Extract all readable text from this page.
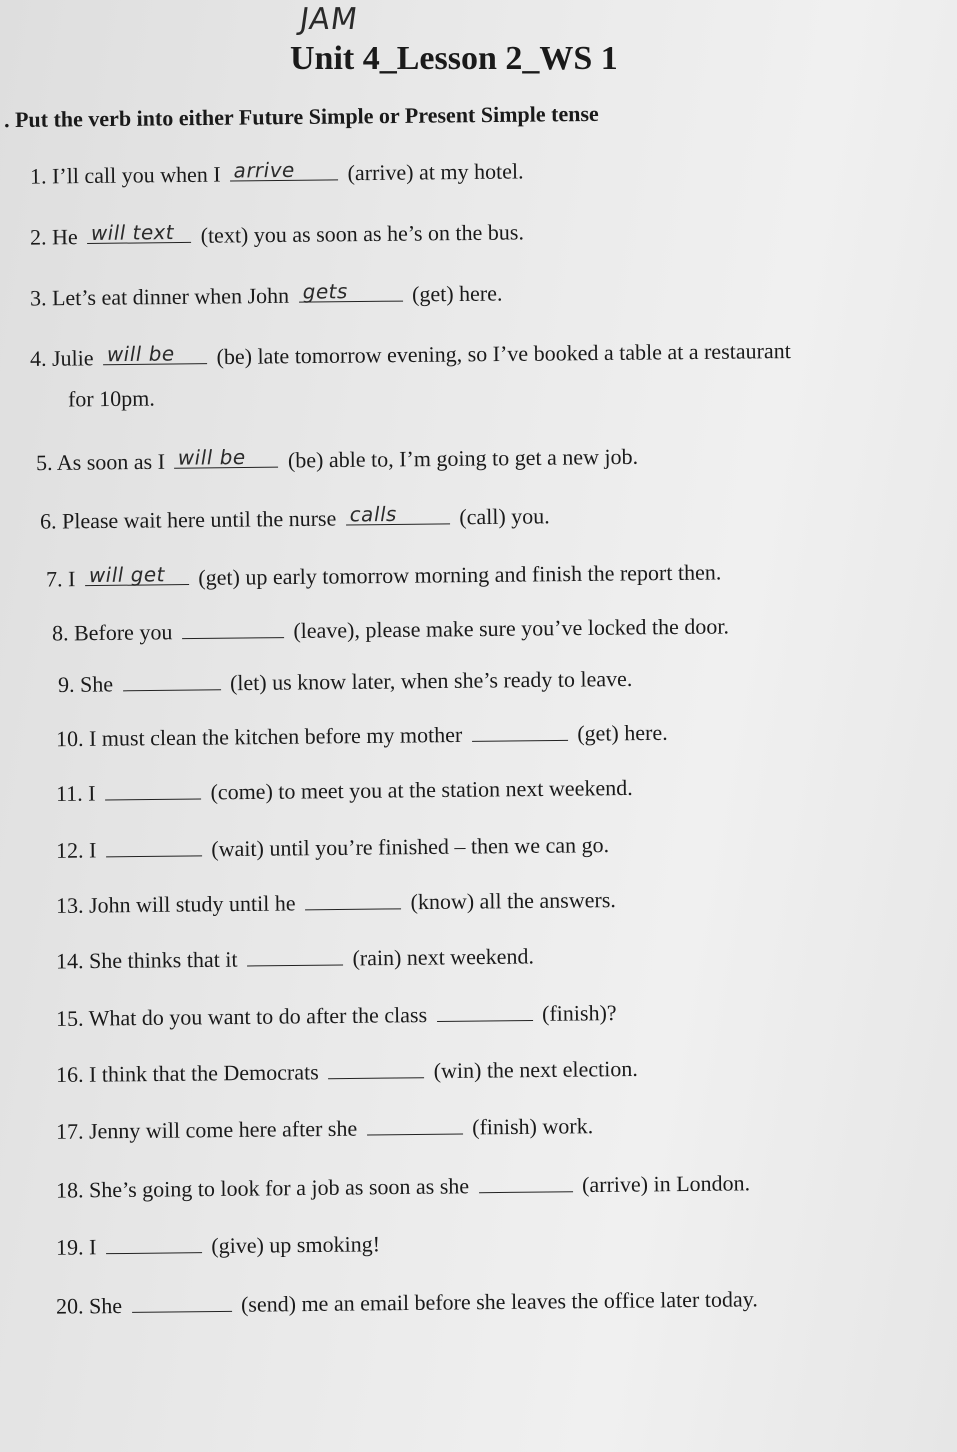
JAM
Unit 4_Lesson 2_WS 1
. Put the verb into either Future Simple or Present Simple tense
1. I’ll call you when I arrive (arrive) at my hotel.
2. He will text (text) you as soon as he’s on the bus.
3. Let’s eat dinner when John gets	(get) here.
4. Julie will be (be) late tomorrow evening, so I’ve booked a table at a restaurant
for 10pm.
5. As soon as I will be (be) able to, I’m going to get a new job.
6. Please wait here until the nurse calls	(call) you.
7. I will get (get) up early tomorrow morning and finish the report then.
8. Before you	(leave), please make sure you’ve locked the door.
9. She	(let) us know later, when she’s ready to leave.
10. I must clean the kitchen before my mother	(get) here.
11. I	(come) to meet you at the station next weekend.
12. I	(wait) until you’re finished – then we can go.
13. John will study until he	(know) all the answers.
14. She thinks that it	(rain) next weekend.
15. What do you want to do after the class	(finish)?
16. I think that the Democrats	(win) the next election.
17. Jenny will come here after she	(finish) work.
18. She’s going to look for a job as soon as she	(arrive) in London.
19. I	(give) up smoking!
20. She	(send) me an email before she leaves the office later today.
